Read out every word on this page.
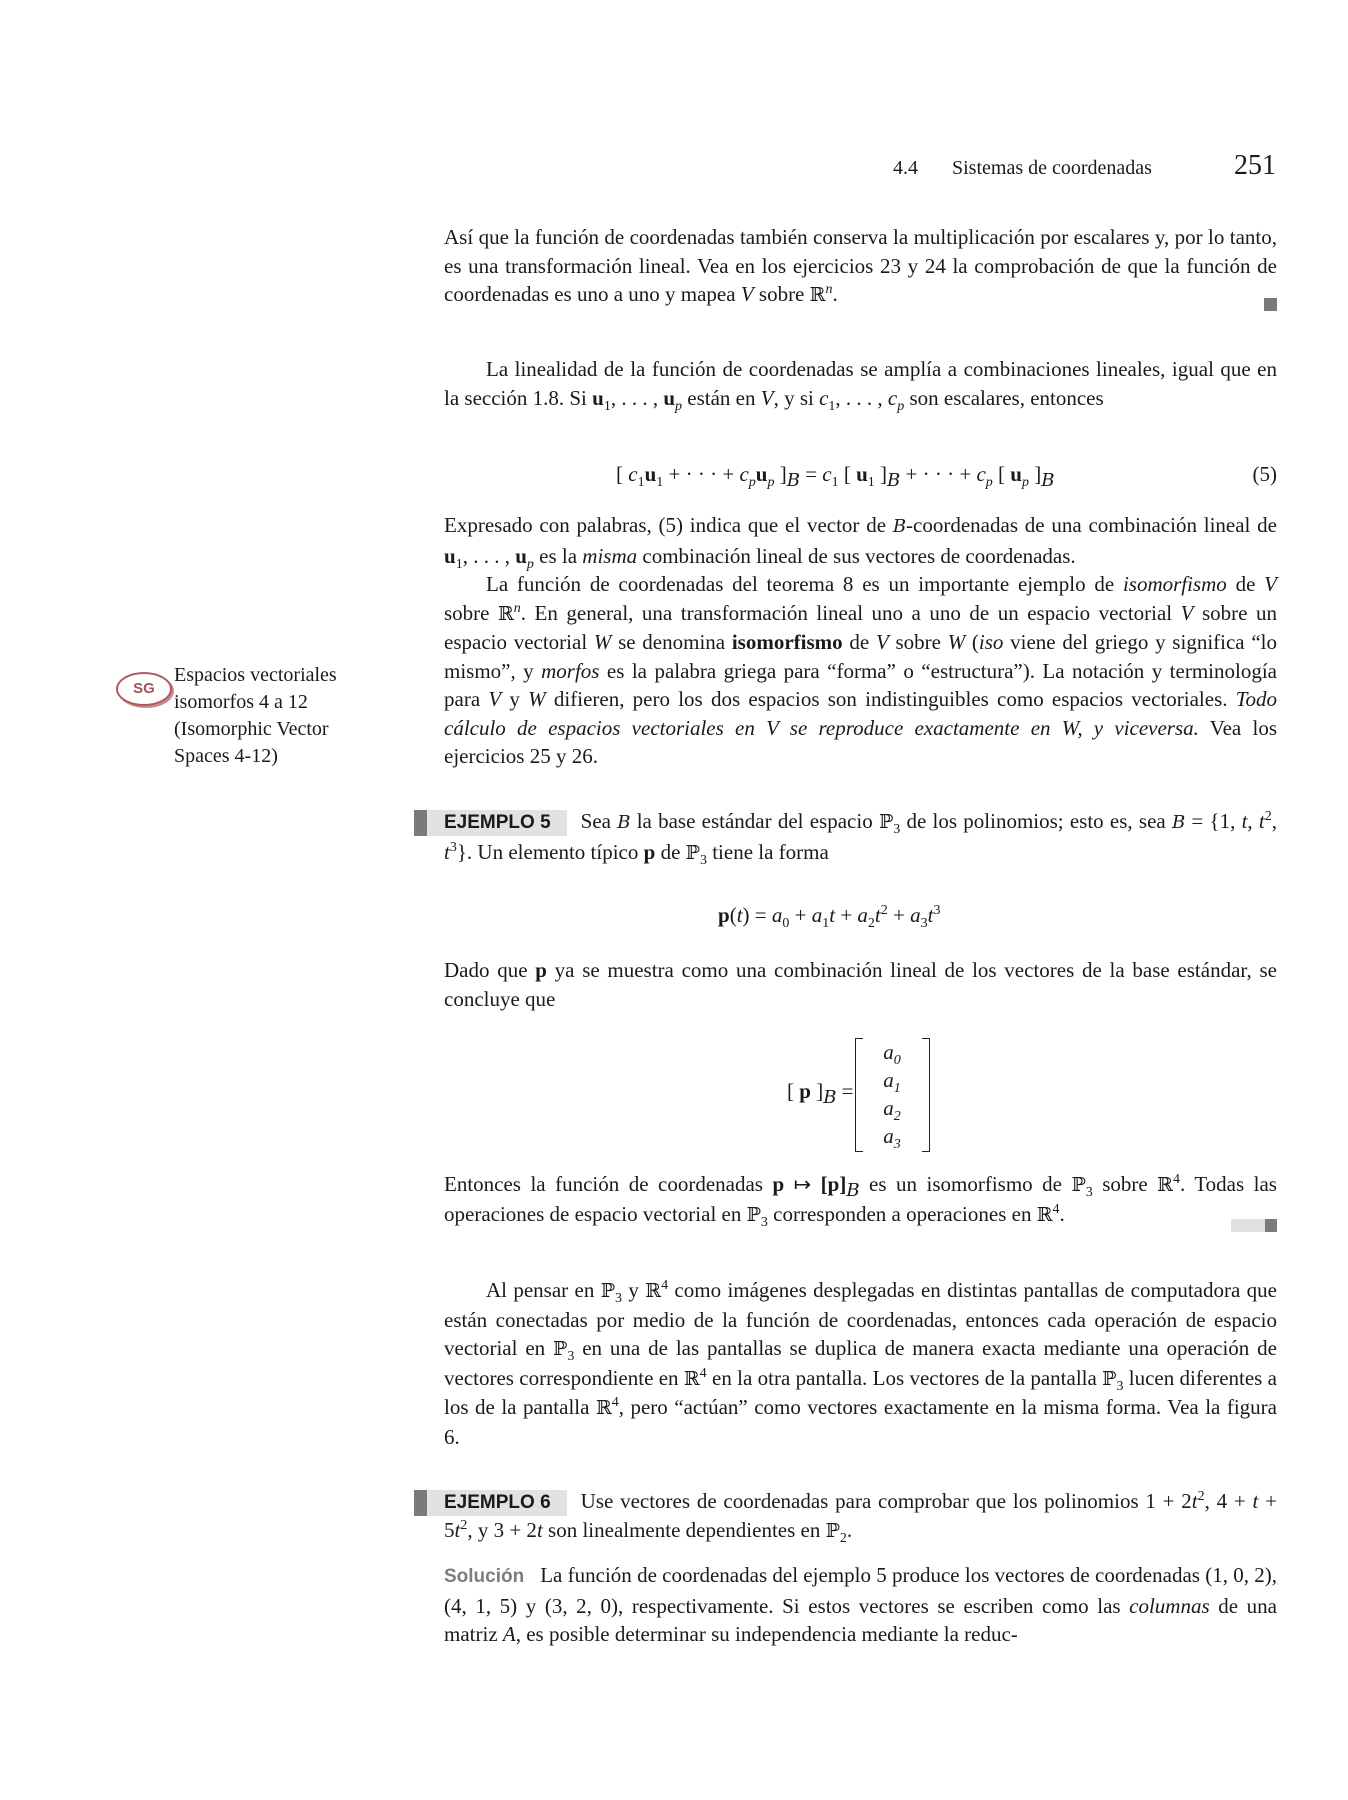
4.4 Sistemas de coordenadas	251

Así que la función de coordenadas también conserva la multiplicación por escalares y, por lo tanto, es una transformación lineal. Vea en los ejercicios 23 y 24 la comprobación de que la función de coordenadas es uno a uno y mapea V sobre ℝ$^n$.

La linealidad de la función de coordenadas se amplía a combinaciones lineales, igual que en la sección 1.8. Si $u_1$, . . . , $u_p$ están en V, y si $c_1$, . . . , $c_p$ son escalares, entonces

[ $c_1u_1$ + · · · + $c_pu_p$ ]$_B = c_1$ [ $u_1$ ]$_B$ + · · · + $c_p$ [ $u_p$ ]$_B$	(5)

Expresado con palabras, (5) indica que el vector de B-coordenadas de una combinación lineal de $u_1$, . . . , $u_p$ es la misma combinación lineal de sus vectores de coordenadas.

La función de coordenadas del teorema 8 es un importante ejemplo de isomorfismo de V sobre ℝ$^n$. En general, una transformación lineal uno a uno de un espacio vectorial V sobre un espacio vectorial W se denomina isomorfismo de V sobre W (iso viene del griego y significa “lo mismo”, y morfos es la palabra griega para “forma” o “estructura”). La notación y terminología para V y W difieren, pero los dos espacios son indistinguibles como espacios vectoriales. Todo cálculo de espacios vectoriales en V se reproduce exactamente en W, y viceversa. Vea los ejercicios 25 y 26.

SG
Espacios vectoriales
isomorfos 4 a 12
(Isomorphic Vector
Spaces 4-12)

EJEMPLO 5 Sea B la base estándar del espacio ℙ$_3$ de los polinomios; esto es, sea B = {1, t, $t^2$, $t^3$}. Un elemento típico p de ℙ$_3$ tiene la forma

$p(t) = a_0 + a_1t + a_2t^2 + a_3t^3$

Dado que p ya se muestra como una combinación lineal de los vectores de la base estándar, se concluye que

[ p ]$_B$ =
$a_0$
$a_1$
$a_2$
$a_3$

Entonces la función de coordenadas p ↦ $[p]_B$ es un isomorfismo de ℙ$_3$ sobre ℝ$^4$. Todas las operaciones de espacio vectorial en ℙ$_3$ corresponden a operaciones en ℝ$^4$.

Al pensar en ℙ$_3$ y ℝ$^4$ como imágenes desplegadas en distintas pantallas de computadora que están conectadas por medio de la función de coordenadas, entonces cada operación de espacio vectorial en ℙ$_3$ en una de las pantallas se duplica de manera exacta mediante una operación de vectores correspondiente en ℝ$^4$ en la otra pantalla. Los vectores de la pantalla ℙ$_3$ lucen diferentes a los de la pantalla ℝ$^4$, pero “actúan” como vectores exactamente en la misma forma. Vea la figura 6.

EJEMPLO 6 Use vectores de coordenadas para comprobar que los polinomios $1 + 2t^2$, $4 + t + 5t^2$, y 3 + 2t son linealmente dependientes en ℙ$_2$.

Solución La función de coordenadas del ejemplo 5 produce los vectores de coordenadas (1, 0, 2), (4, 1, 5) y (3, 2, 0), respectivamente. Si estos vectores se escriben como las columnas de una matriz A, es posible determinar su independencia mediante la reduc-
